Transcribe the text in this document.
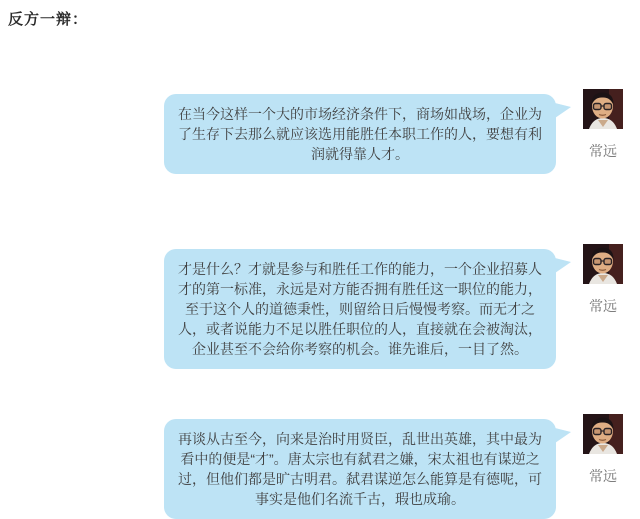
反方一辩：
在当今这样一个大的市场经济条件下，商场如战场，企业为了生存下去那么就应该选用能胜任本职工作的人，要想有利润就得靠人才。	常远
才是什么？才就是参与和胜任工作的能力，一个企业招募人才的第一标准，永远是对方能否拥有胜任这一职位的能力，至于这个人的道德秉性，则留给日后慢慢考察。而无才之人，或者说能力不足以胜任职位的人，直接就在会被淘汰，企业甚至不会给你考察的机会。谁先谁后，一目了然。
常远
再谈从古至今，向来是治时用贤臣，乱世出英雄，其中最为看中的便是“才”。唐太宗也有弑君之嫌，宋太祖也有谋逆之过，但他们都是旷古明君。弑君谋逆怎么能算是有德呢，可事实是他们名流千古，瑕也成瑜。
常远
